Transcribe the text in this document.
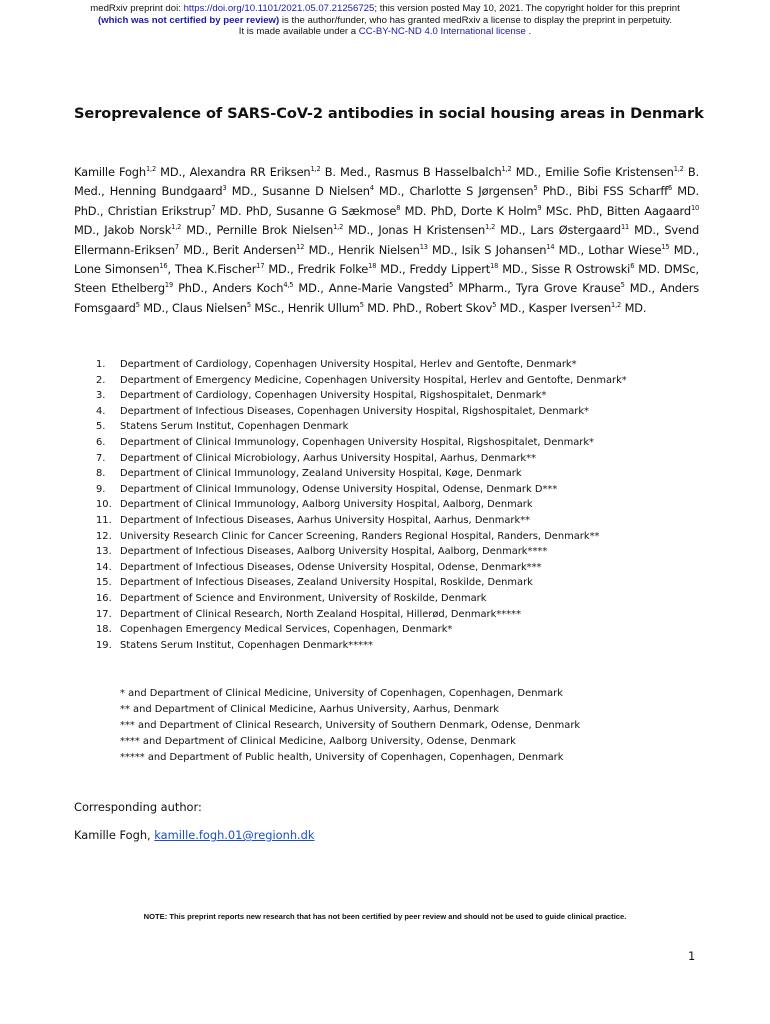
medRxiv preprint doi: https://doi.org/10.1101/2021.05.07.21256725; this version posted May 10, 2021. The copyright holder for this preprint
(which was not certified by peer review) is the author/funder, who has granted medRxiv a license to display the preprint in perpetuity.
It is made available under a CC-BY-NC-ND 4.0 International license .
Seroprevalence of SARS-CoV-2 antibodies in social housing areas in Denmark
Kamille Fogh$^{1,2}$ MD., Alexandra RR Eriksen$^{1,2}$ B. Med., Rasmus B Hasselbalch$^{1,2}$ MD., Emilie Sofie Kristensen$^{1,2}$ B. Med., Henning Bundgaard$^3$ MD., Susanne D Nielsen$^4$ MD., Charlotte S Jørgensen$^5$ PhD., Bibi FSS Scharff$^6$ MD. PhD., Christian Erikstrup$^7$ MD. PhD, Susanne G Sækmose$^8$ MD. PhD, Dorte K Holm$^9$ MSc. PhD, Bitten Aagaard$^{10}$ MD., Jakob Norsk$^{1,2}$ MD., Pernille Brok Nielsen$^{1,2}$ MD., Jonas H Kristensen$^{1,2}$ MD., Lars Østergaard$^{11}$ MD., Svend Ellermann-Eriksen$^7$ MD., Berit Andersen$^{12}$ MD., Henrik Nielsen$^{13}$ MD., Isik S Johansen$^{14}$ MD., Lothar Wiese$^{15}$ MD., Lone Simonsen$^{16}$, Thea K.Fischer$^{17}$ MD., Fredrik Folke$^{18}$ MD., Freddy Lippert$^{18}$ MD., Sisse R Ostrowski$^6$ MD. DMSc, Steen Ethelberg$^{19}$ PhD., Anders Koch$^{4,5}$ MD., Anne-Marie Vangsted$^5$ MPharm., Tyra Grove Krause$^5$ MD., Anders Fomsgaard$^5$ MD., Claus Nielsen$^5$ MSc., Henrik Ullum$^5$ MD. PhD., Robert Skov$^5$ MD., Kasper Iversen$^{1,2}$ MD.
1.	Department of Cardiology, Copenhagen University Hospital, Herlev and Gentofte, Denmark*
2.	Department of Emergency Medicine, Copenhagen University Hospital, Herlev and Gentofte, Denmark*
3.	Department of Cardiology, Copenhagen University Hospital, Rigshospitalet, Denmark*
4.	Department of Infectious Diseases, Copenhagen University Hospital, Rigshospitalet, Denmark*
5.	Statens Serum Institut, Copenhagen Denmark
6.	Department of Clinical Immunology, Copenhagen University Hospital, Rigshospitalet, Denmark*
7.	Department of Clinical Microbiology, Aarhus University Hospital, Aarhus, Denmark**
8.	Department of Clinical Immunology, Zealand University Hospital, Køge, Denmark
9.	Department of Clinical Immunology, Odense University Hospital, Odense, Denmark D***
10. Department of Clinical Immunology, Aalborg University Hospital, Aalborg, Denmark
11. Department of Infectious Diseases, Aarhus University Hospital, Aarhus, Denmark**
12. University Research Clinic for Cancer Screening, Randers Regional Hospital, Randers, Denmark**
13. Department of Infectious Diseases, Aalborg University Hospital, Aalborg, Denmark****
14. Department of Infectious Diseases, Odense University Hospital, Odense, Denmark***
15. Department of Infectious Diseases, Zealand University Hospital, Roskilde, Denmark
16. Department of Science and Environment, University of Roskilde, Denmark
17. Department of Clinical Research, North Zealand Hospital, Hillerød, Denmark*****
18. Copenhagen Emergency Medical Services, Copenhagen, Denmark*
19. Statens Serum Institut, Copenhagen Denmark*****
* and Department of Clinical Medicine, University of Copenhagen, Copenhagen, Denmark
** and Department of Clinical Medicine, Aarhus University, Aarhus, Denmark
*** and Department of Clinical Research, University of Southern Denmark, Odense, Denmark
**** and Department of Clinical Medicine, Aalborg University, Odense, Denmark
***** and Department of Public health, University of Copenhagen, Copenhagen, Denmark
Corresponding author:
Kamille Fogh, kamille.fogh.01@regionh.dk
NOTE: This preprint reports new research that has not been certified by peer review and should not be used to guide clinical practice.
1
